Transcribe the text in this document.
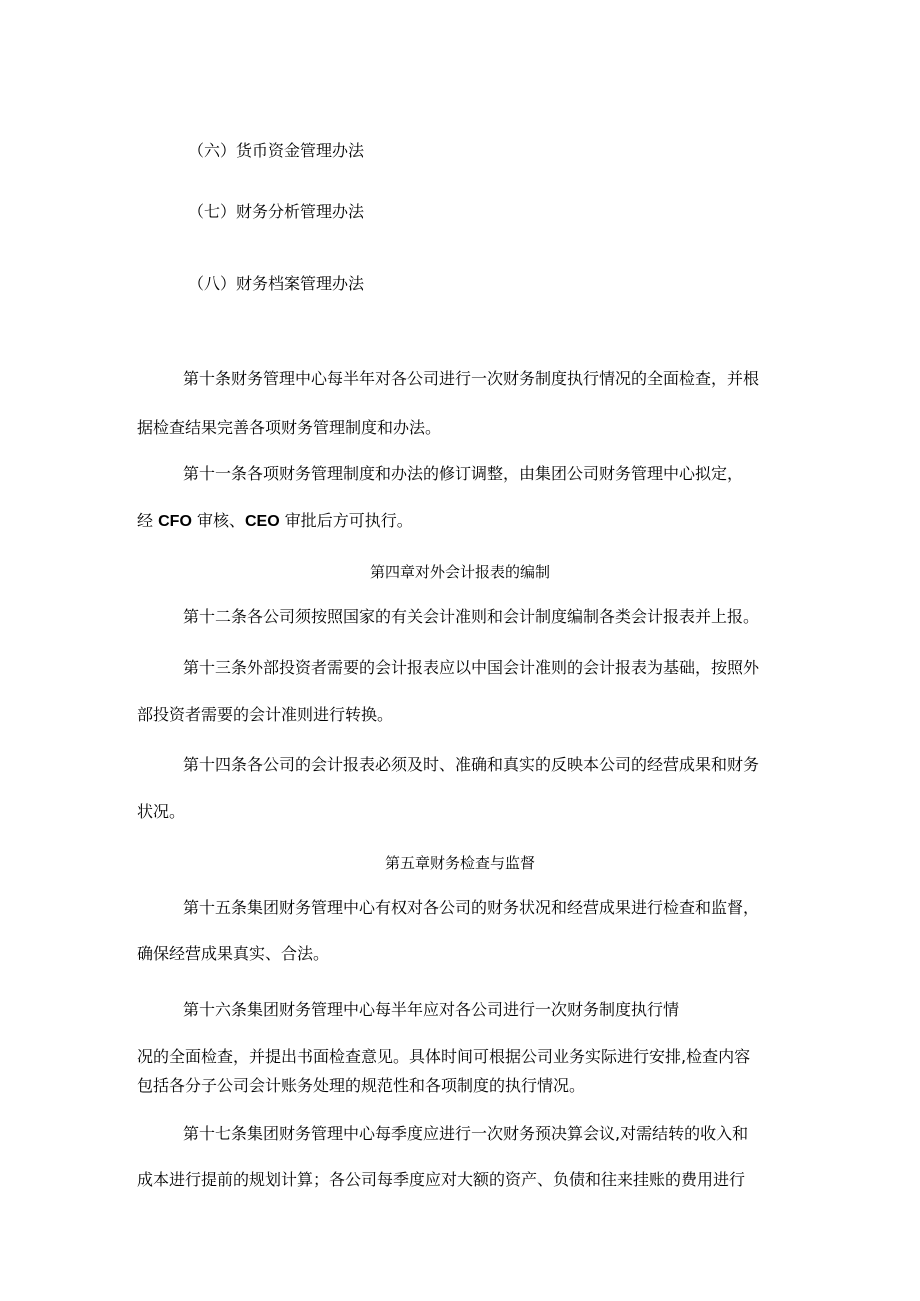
（六）货币资金管理办法
（七）财务分析管理办法
（八）财务档案管理办法
第十条财务管理中心每半年对各公司进行一次财务制度执行情况的全面检查，并根
据检查结果完善各项财务管理制度和办法。
第十一条各项财务管理制度和办法的修订调整，由集团公司财务管理中心拟定，
经 CFO 审核、CEO 审批后方可执行。
第四章对外会计报表的编制
第十二条各公司须按照国家的有关会计准则和会计制度编制各类会计报表并上报。
第十三条外部投资者需要的会计报表应以中国会计准则的会计报表为基础，按照外
部投资者需要的会计准则进行转换。
第十四条各公司的会计报表必须及时、准确和真实的反映本公司的经营成果和财务
状况。
第五章财务检查与监督
第十五条集团财务管理中心有权对各公司的财务状况和经营成果进行检查和监督，
确保经营成果真实、合法。
第十六条集团财务管理中心每半年应对各公司进行一次财务制度执行情
况的全面检查，并提出书面检查意见。具体时间可根据公司业务实际进行安排,检查内容
包括各分子公司会计账务处理的规范性和各项制度的执行情况。
第十七条集团财务管理中心每季度应进行一次财务预决算会议,对需结转的收入和
成本进行提前的规划计算；各公司每季度应对大额的资产、负债和往来挂账的费用进行
